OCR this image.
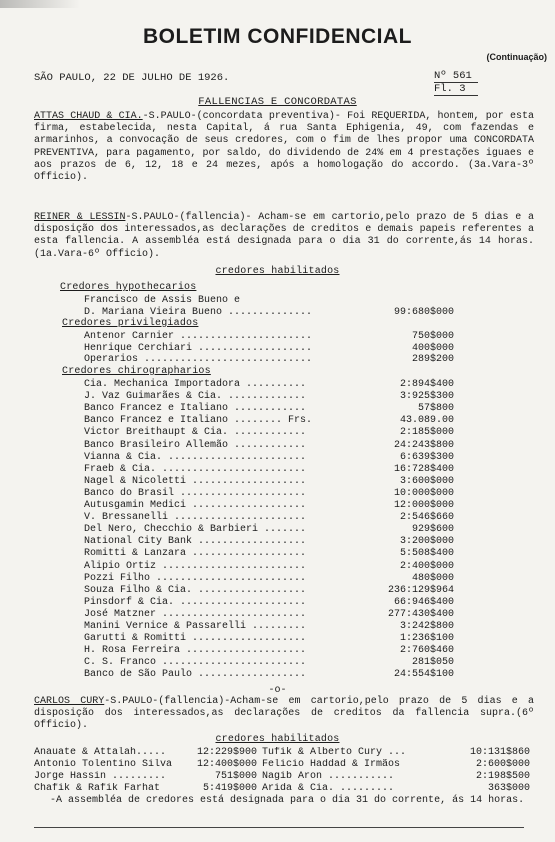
BOLETIM CONFIDENCIAL
(Continuação)
SÃO PAULO, 22 DE JULHO DE 1926.	Nº 561
Fl. 3
FALLENCIAS E CONCORDATAS
ATTAS CHAUD & CIA.-S.PAULO-(concordata preventiva)- Foi REQUERIDA, hontem, por esta firma, estabelecida, nesta Capital, á rua Santa Ephigenia, 49, com fazendas e armarinhos, a convocação de seus credores, com o fim de lhes propor uma CONCORDATA PREVENTIVA, para pagamento, por saldo, do dividendo de 24% em 4 prestações iguaes e aos prazos de 6, 12, 18 e 24 mezes, após a homologação do accordo. (3a.Vara-3º Officio).
REINER & LESSIN-S.PAULO-(fallencia)- Acham-se em cartorio,pelo prazo de 5 dias e a disposição dos interessados,as declarações de creditos e demais papeis referentes a esta fallencia. A assembléa está designada para o dia 31 do corrente,ás 14 horas.(1a.Vara-6º Officio).
credores habilitados
Credores hypothecarios
Francisco de Assis Bueno e
D. Mariana Vieira Bueno ..............	99:680$000
Credores privilegiados
Antenor Carnier ......................	750$000
Henrique Cerchiari ...................	400$000
Operarios ............................	289$200
Credores chirographarios
Cia. Mechanica Importadora ..........	2:894$400
J. Vaz Guimarães & Cia. .............	3:925$300
Banco Francez e Italiano ............	57$800
Banco Francez e Italiano ........ Frs.	43.089.00
Victor Breithaupt & Cia. ............	2:185$000
Banco Brasileiro Allemão ............	24:243$800
Vianna & Cia. .......................	6:639$300
Fraeb & Cia. ........................	16:728$400
Nagel & Nicoletti ...................	3:600$000
Banco do Brasil .....................	10:000$000
Autusgamin Medici ...................	12:000$000
V. Bressanelli ......................	2:546$660
Del Nero, Checchio & Barbieri .......	929$600
National City Bank ..................	3:200$000
Romitti & Lanzara ...................	5:508$400
Alipio Ortiz ........................	2:400$000
Pozzi Filho .........................	480$000
Souza Filho & Cia. ..................	236:129$964
Pinsdorf & Cia. .....................	66:946$400
José Matzner ........................	277:430$400
Manini Vernice & Passarelli .........	3:242$800
Garutti & Romitti ...................	1:236$100
H. Rosa Ferreira ....................	2:760$460
C. S. Franco ........................	281$050
Banco de São Paulo ..................	24:554$100
-o-
CARLOS CURY-S.PAULO-(fallencia)-Acham-se em cartorio,pelo prazo de 5 dias e a disposição dos interessados,as declarações de creditos da fallencia supra.(6º Officio).
credores habilitados
Anauate & Attalah.....	12:229$900 Tufik & Alberto Cury ...	10:131$860
Antonio Tolentino Silva	12:400$000 Felicio Haddad & Irmãos	2:600$000
Jorge Hassin .........	751$000 Nagib Aron ...........	2:198$500
Chafik & Rafik Farhat	5:419$000 Arida & Cia. .........	363$000
-A assembléa de credores está designada para o dia 31 do corrente, ás 14 horas.
